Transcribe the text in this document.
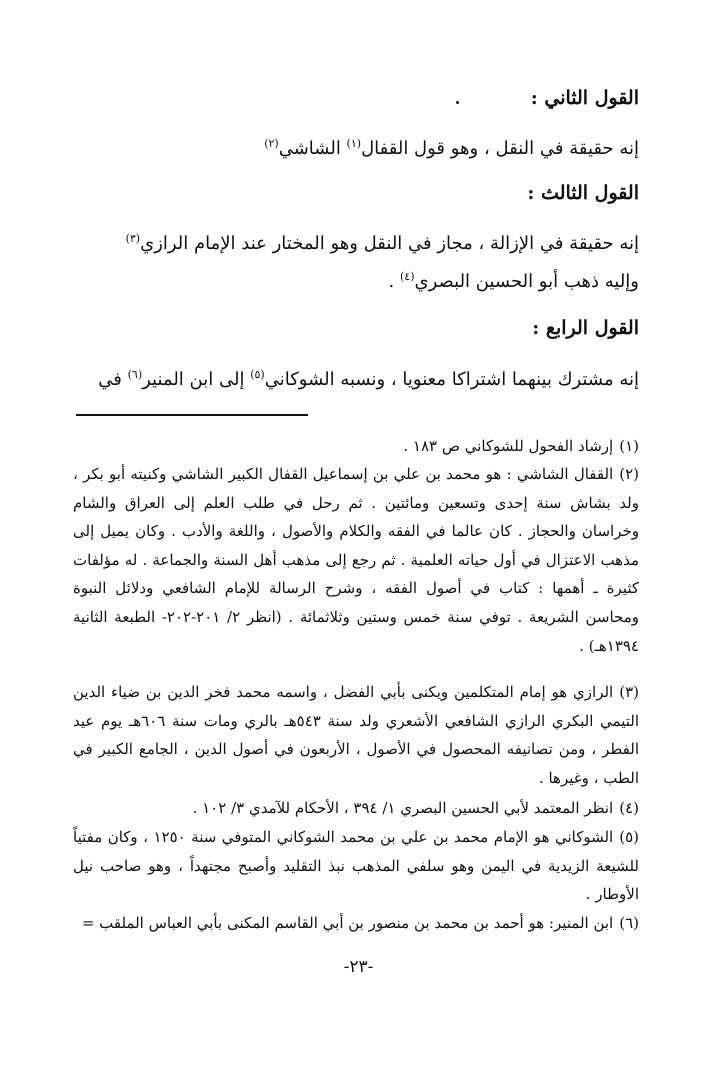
القول الثاني :
إنه حقيقة في النقل ، وهو قول القفال$^{(١)}$ الشاشي$^{(٢)}$
القول الثالث :
إنه حقيقة في الإزالة ، مجاز في النقل وهو المختار عند الإمام الرازي$^{(٣)}$
وإليه ذهب أبو الحسين البصري$^{(٤)}$ .
القول الرابع :
إنه مشترك بينهما اشتراكا معنويا ، ونسبه الشوكاني$^{(٥)}$ إلى ابن المنير$^{(٦)}$ في
(١)إرشاد الفحول للشوكاني ص ١٨٣ .
(٢)القفال الشاشي : هو محمد بن علي بن إسماعيل القفال الكبير الشاشي وكنيته أبو بكر ، ولد بشاش سنة إحدى وتسعين ومائتين . ثم رحل في طلب العلم إلى العراق والشام وخراسان والحجاز . كان عالما في الفقه والكلام والأصول ، واللغة والأدب . وكان يميل إلى مذهب الاعتزال في أول حياته العلمية . ثم رجع إلى مذهب أهل السنة والجماعة . له مؤلفات كثيرة ـ أهمها : كتاب في أصول الفقه ، وشرح الرسالة للإمام الشافعي ودلائل النبوة ومحاسن الشريعة . توفي سنة خمس وستين وثلاثمائة . (انظر ٢/ ٢٠١-٢٠٢- الطبعة الثانية ١٣٩٤هـ) .
(٣)الرازي هو إمام المتكلمين ويكنى بأبي الفضل ، واسمه محمد فخر الدين بن ضياء الدين التيمي البكري الرازي الشافعي الأشعري ولد سنة ٥٤٣هـ بالري ومات سنة ٦٠٦هـ يوم عيد الفطر ، ومن تصانيفه المحصول في الأصول ، الأربعون في أصول الدين ، الجامع الكبير في الطب ، وغيرها .
(٤)انظر المعتمد لأبي الحسين البصري ١/ ٣٩٤ ، الأحكام للآمدي ٣/ ١٠٢ .
(٥)الشوكاني هو الإمام محمد بن علي بن محمد الشوكاني المتوفي سنة ١٢٥٠ ، وكان مفتياً للشيعة الزيدية في اليمن وهو سلفي المذهب نبذ التقليد وأصبح مجتهداً ، وهو صاحب نيل الأوطار .
(٦)ابن المنير: هو أحمد بن محمد بن منصور بن أبي القاسم المكنى بأبي العباس الملقب =
-٢٣-
